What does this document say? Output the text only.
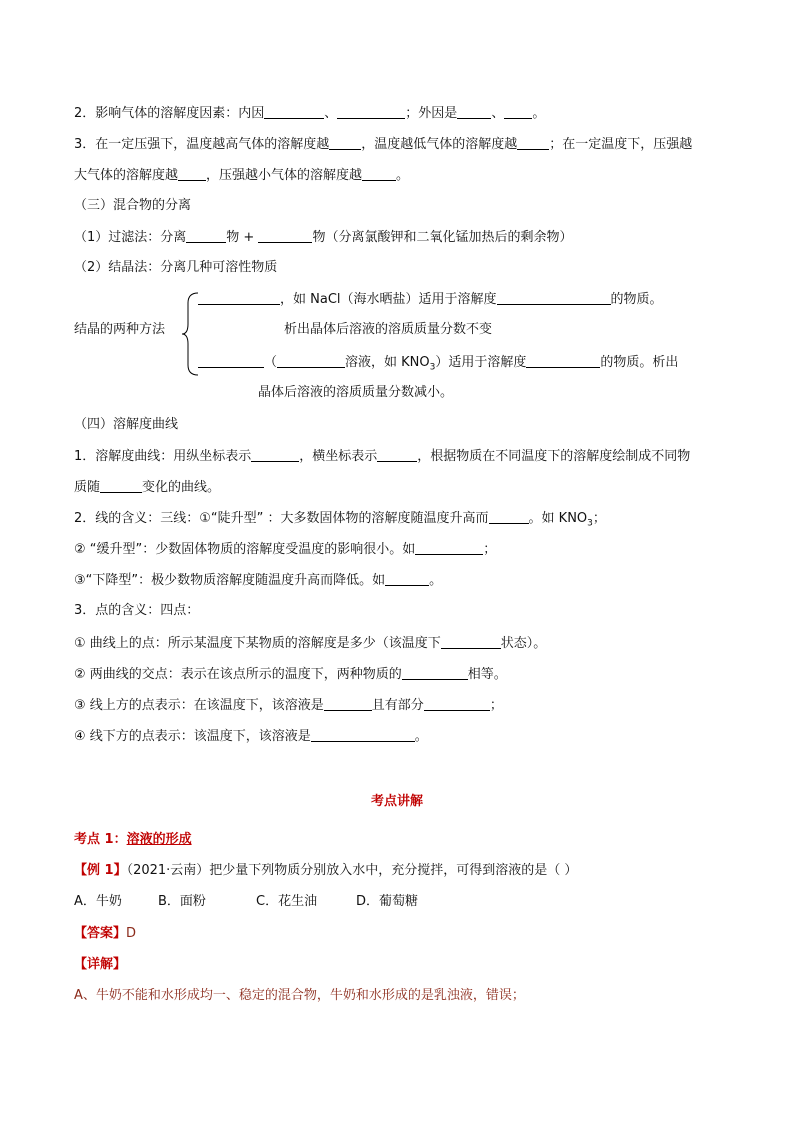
2．影响气体的溶解度因素：内因	、	；外因是	、 。
3．在一定压强下，温度越高气体的溶解度越 ，温度越低气体的溶解度越 ；在一定温度下，压强越
大气体的溶解度越 ，压强越小气体的溶解度越	。
（三）混合物的分离
（1）过滤法：分离	物 +	物（分离氯酸钾和二氧化锰加热后的剩余物）
（2）结晶法：分离几种可溶性物质
结晶的两种方法
，如 NaCl（海水晒盐）适用于溶解度	的物质。
析出晶体后溶液的溶质质量分数不变
（	溶液，如 $KNO_3$）适用于溶解度	的物质。析出
晶体后溶液的溶质质量分数减小。
（四）溶解度曲线
1．溶解度曲线：用纵坐标表示	，横坐标表示	，根据物质在不同温度下的溶解度绘制成不同物
质随	变化的曲线。
2．线的含义：三线：①“陡升型” ：大多数固体物的溶解度随温度升高而	。如 $KNO_3$；
② “缓升型”：少数固体物质的溶解度受温度的影响很小。如	；
③“下降型”：极少数物质溶解度随温度升高而降低。如	。
3．点的含义：四点：
① 曲线上的点：所示某温度下某物质的溶解度是多少（该温度下	状态）。
② 两曲线的交点：表示在该点所示的温度下，两种物质的	相等。
③ 线上方的点表示：在该温度下，该溶液是	且有部分	；
④ 线下方的点表示：该温度下，该溶液是	。
考点讲解
考点 1：溶液的形成
【例 1】（2021·云南）把少量下列物质分别放入水中，充分搅拌，可得到溶液的是（ ）
A．牛奶	B．面粉	C．花生油	D．葡萄糖
【答案】D
【详解】
A、牛奶不能和水形成均一、稳定的混合物，牛奶和水形成的是乳浊液，错误；
